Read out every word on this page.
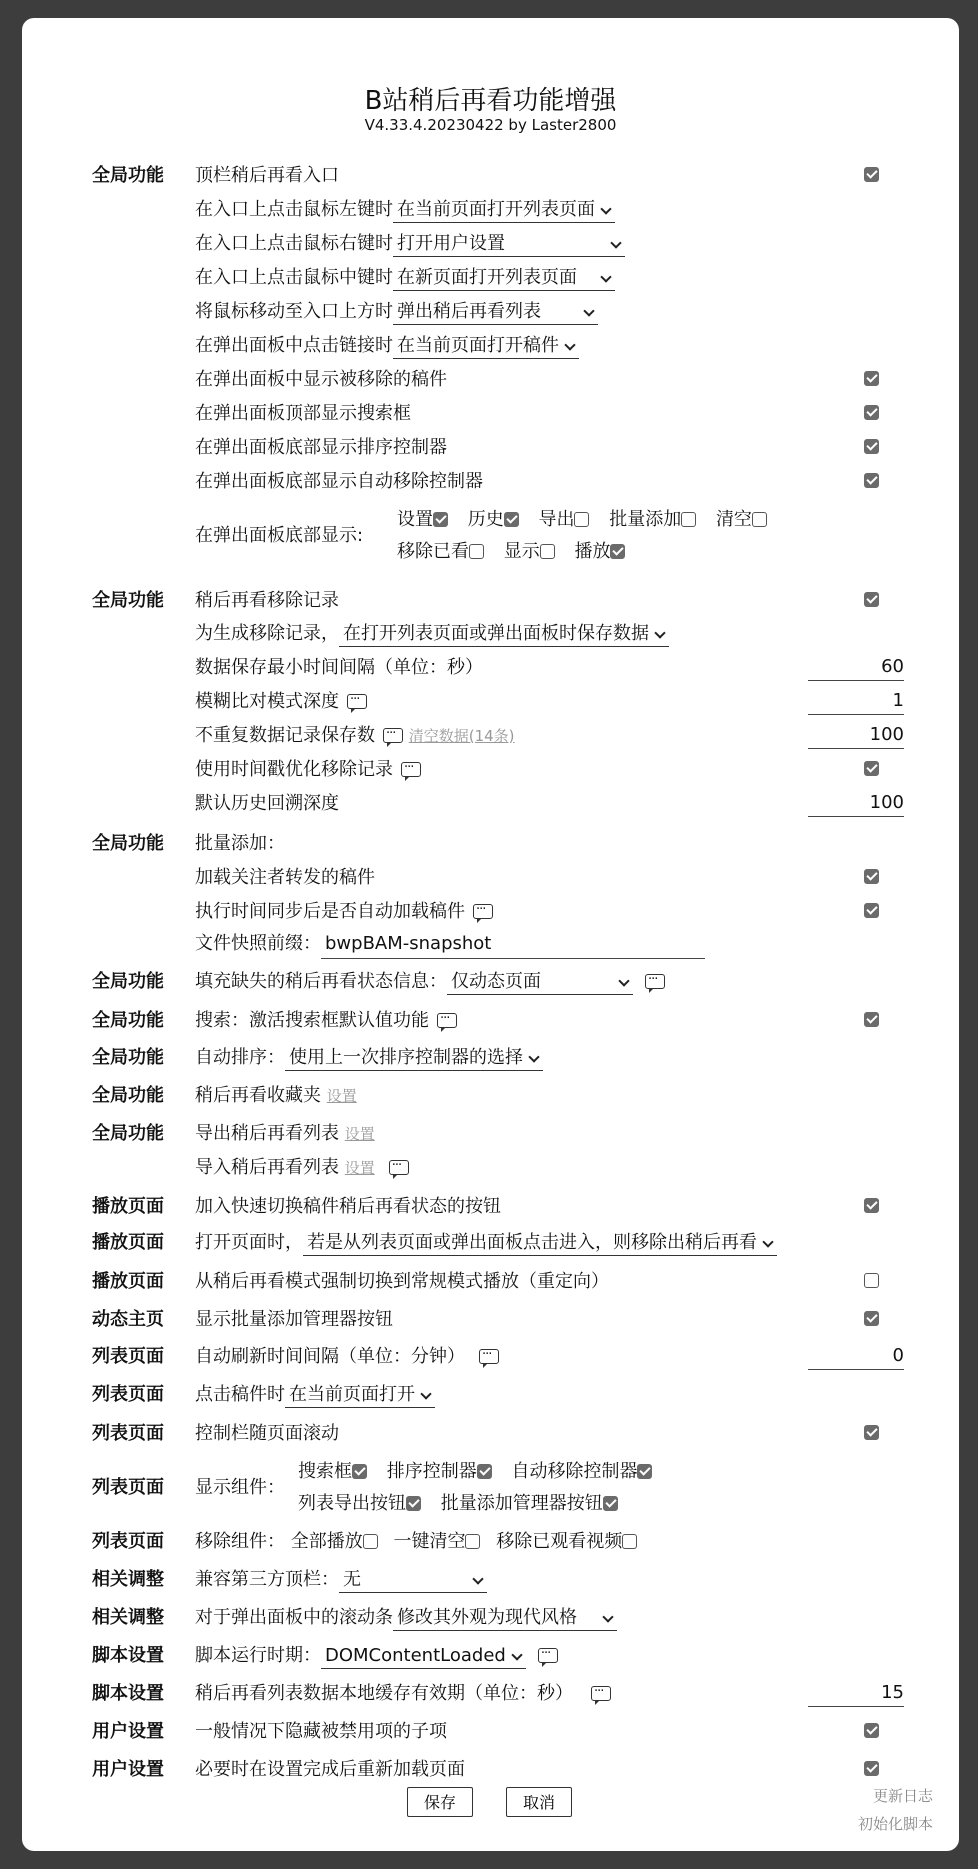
B站稍后再看功能增强
V4.33.4.20230422 by Laster2800
全局功能 顶栏稍后再看入口
在入口上点击鼠标左键时 在当前页面打开列表页面
在入口上点击鼠标右键时 打开用户设置
在入口上点击鼠标中键时 在新页面打开列表页面
将鼠标移动至入口上方时 弹出稍后再看列表
在弹出面板中点击链接时 在当前页面打开稿件
在弹出面板中显示被移除的稿件
在弹出面板顶部显示搜索框
在弹出面板底部显示排序控制器
在弹出面板底部显示自动移除控制器
在弹出面板底部显示:
设置 历史 导出 批量添加 清空
移除已看 显示 播放
全局功能 稍后再看移除记录
为生成移除记录， 在打开列表页面或弹出面板时保存数据
数据保存最小时间间隔（单位：秒）	60
模糊比对模式深度 ···	1
不重复数据记录保存数 ··· 清空数据(14条)	100
使用时间戳优化移除记录···
默认历史回溯深度	100
全局功能 批量添加：
加载关注者转发的稿件
执行时间同步后是否自动加载稿件···
文件快照前缀： bwpBAM-snapshot
全局功能 填充缺失的稍后再看状态信息： 仅动态页面···
全局功能 搜索：激活搜索框默认值功能···
全局功能 自动排序： 使用上一次排序控制器的选择
全局功能 稍后再看收藏夹 设置
全局功能 导出稍后再看列表 设置
导入稍后再看列表 设置···
播放页面 加入快速切换稿件稍后再看状态的按钮
播放页面 打开页面时， 若是从列表页面或弹出面板点击进入，则移除出稍后再看
播放页面 从稍后再看模式强制切换到常规模式播放（重定向）
动态主页 显示批量添加管理器按钮
列表页面 自动刷新时间间隔（单位：分钟） ···	0
列表页面 点击稿件时 在当前页面打开
列表页面 控制栏随页面滚动
列表页面 显示组件：
搜索框 排序控制器 自动移除控制器
列表导出按钮 批量添加管理器按钮
列表页面 移除组件： 全部播放 一键清空 移除已观看视频
相关调整 兼容第三方顶栏： 无
相关调整 对于弹出面板中的滚动条 修改其外观为现代风格
脚本设置 脚本运行时期： DOMContentLoaded···
脚本设置 稍后再看列表数据本地缓存有效期（单位：秒） ···	15
用户设置 一般情况下隐藏被禁用项的子项
用户设置 必要时在设置完成后重新加载页面
保存	取消	更新日志
初始化脚本
